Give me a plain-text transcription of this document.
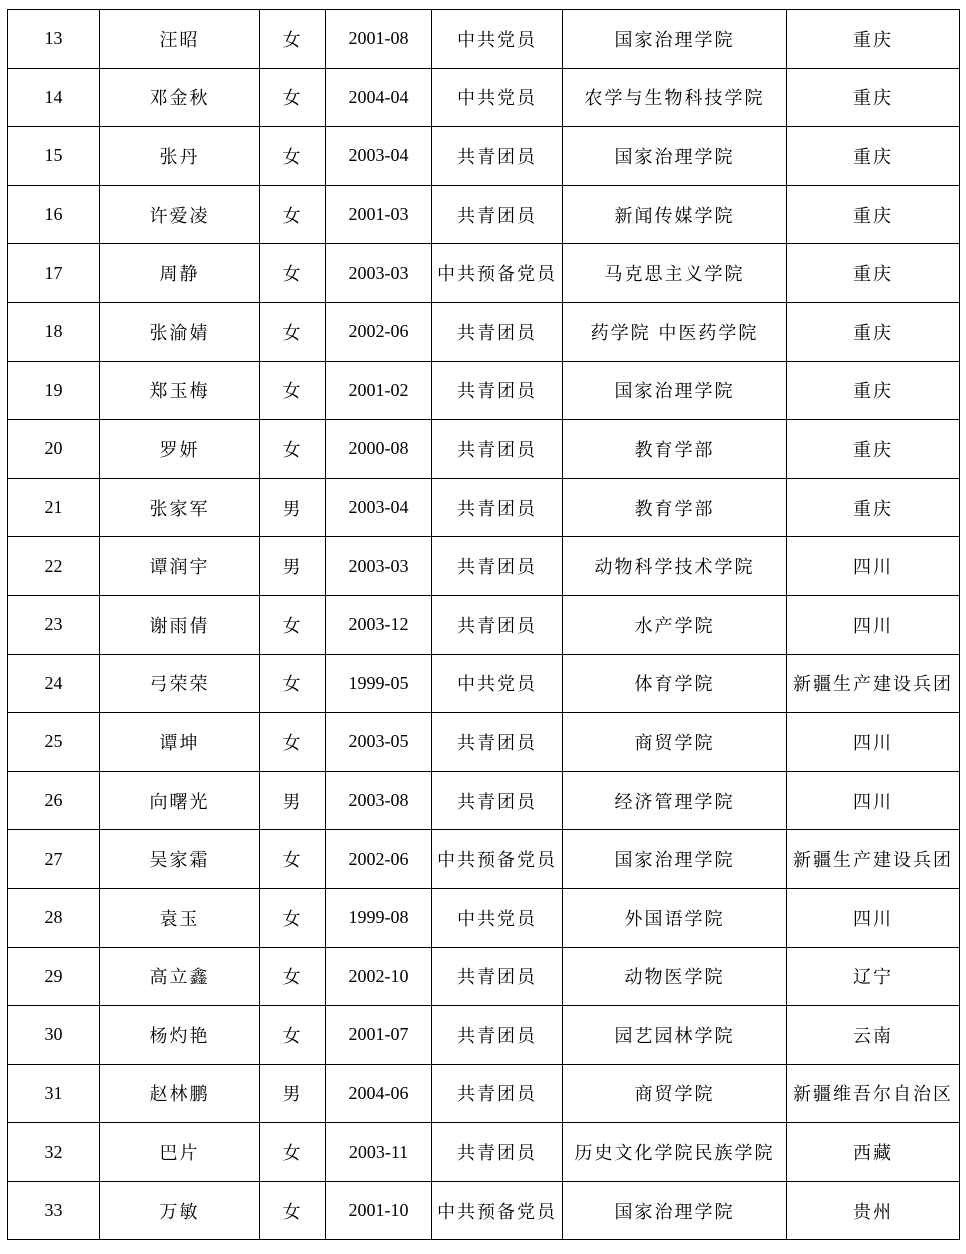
13	汪昭	女	2001-08	中共党员	国家治理学院	重庆
14	邓金秋	女	2004-04	中共党员	农学与生物科技学院	重庆
15	张丹	女	2003-04	共青团员	国家治理学院	重庆
16	许爱凌	女	2001-03	共青团员	新闻传媒学院	重庆
17	周静	女	2003-03	中共预备党员	马克思主义学院	重庆
18	张渝婧	女	2002-06	共青团员	药学院 中医药学院	重庆
19	郑玉梅	女	2001-02	共青团员	国家治理学院	重庆
20	罗妍	女	2000-08	共青团员	教育学部	重庆
21	张家军	男	2003-04	共青团员	教育学部	重庆
22	谭润宇	男	2003-03	共青团员	动物科学技术学院	四川
23	谢雨倩	女	2003-12	共青团员	水产学院	四川
24	弓荣荣	女	1999-05	中共党员	体育学院	新疆生产建设兵团
25	谭坤	女	2003-05	共青团员	商贸学院	四川
26	向曙光	男	2003-08	共青团员	经济管理学院	四川
27	吴家霜	女	2002-06	中共预备党员	国家治理学院	新疆生产建设兵团
28	袁玉	女	1999-08	中共党员	外国语学院	四川
29	高立鑫	女	2002-10	共青团员	动物医学院	辽宁
30	杨灼艳	女	2001-07	共青团员	园艺园林学院	云南
31	赵林鹏	男	2004-06	共青团员	商贸学院	新疆维吾尔自治区
32	巴片	女	2003-11	共青团员	历史文化学院民族学院	西藏
33	万敏	女	2001-10	中共预备党员	国家治理学院	贵州
